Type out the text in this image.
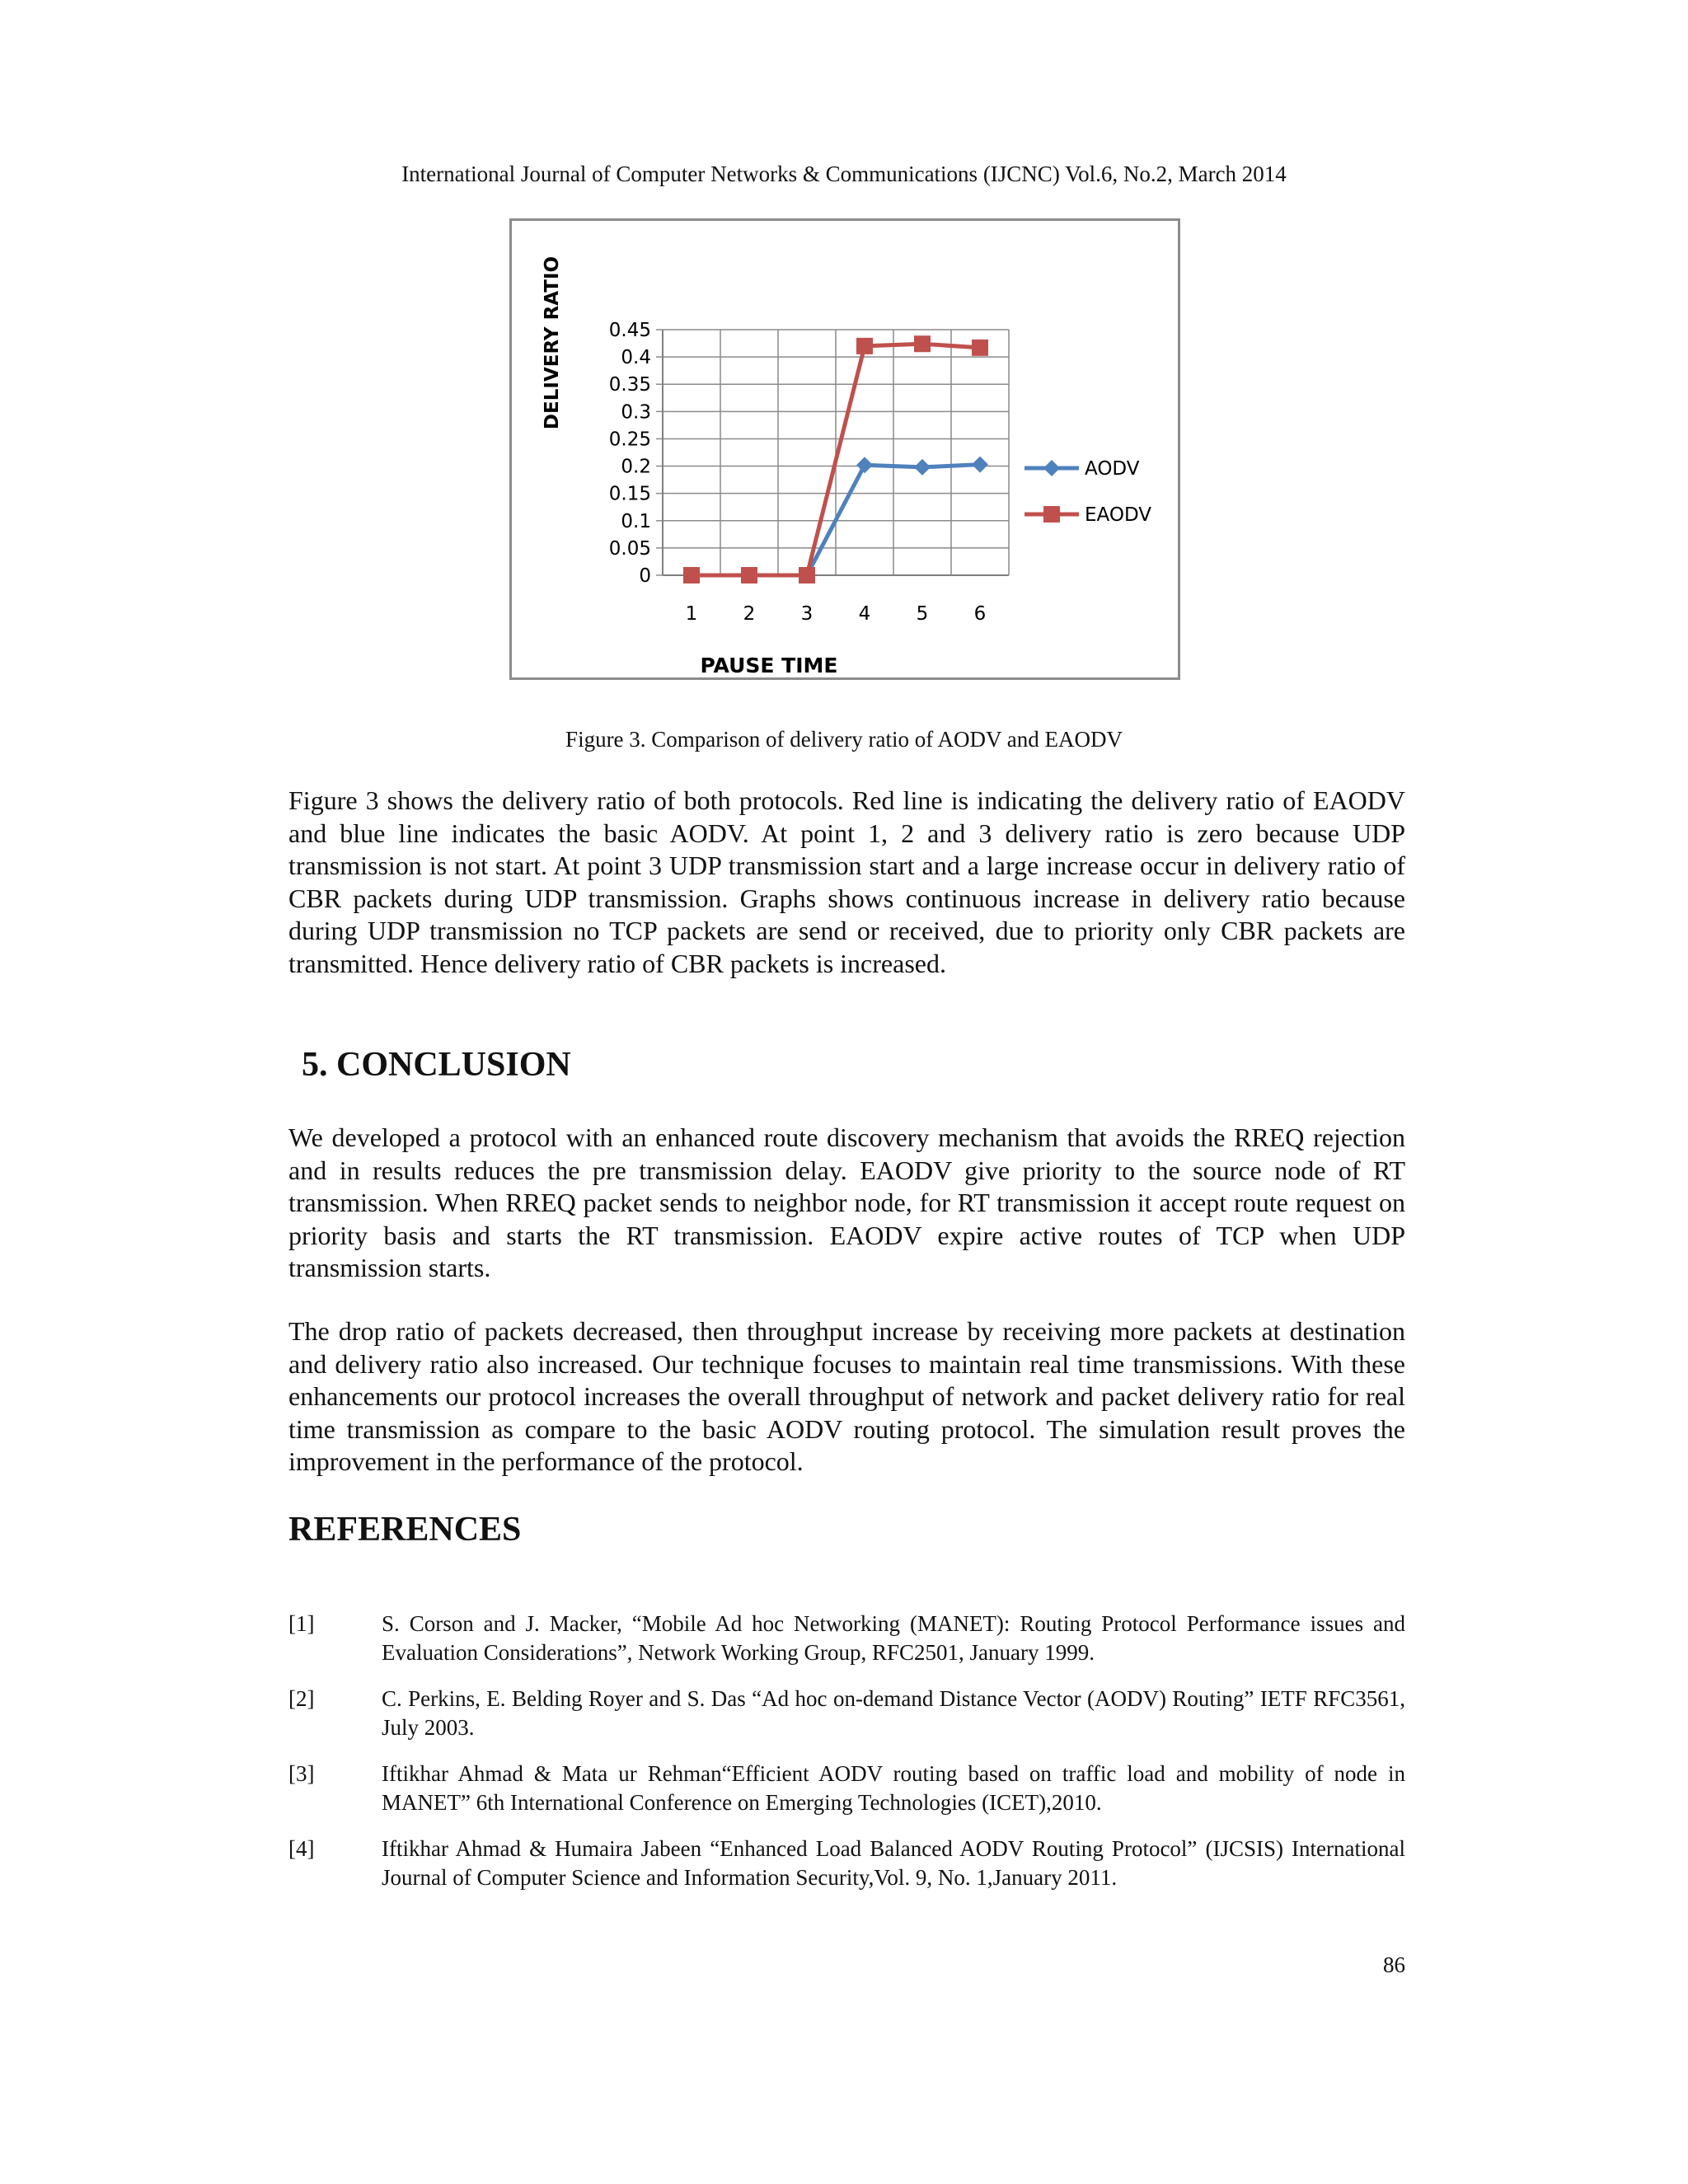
International Journal of Computer Networks & Communications (IJCNC) Vol.6, No.2, March 2014
0
0.05
0.1
0.15
0.2
0.25
0.3
0.35
0.4
0.45
1 2 3 4 5 6
AODV
EAODV
DELIVERY RATIO
PAUSE TIME
Figure 3. Comparison of delivery ratio of AODV and EAODV
Figure 3 shows the delivery ratio of both protocols. Red line is indicating the delivery ratio of EAODV and blue line indicates the basic AODV. At point 1, 2 and 3 delivery ratio is zero because UDP transmission is not start. At point 3 UDP transmission start and a large increase occur in delivery ratio of CBR packets during UDP transmission. Graphs shows continuous increase in delivery ratio because during UDP transmission no TCP packets are send or received, due to priority only CBR packets are transmitted. Hence delivery ratio of CBR packets is increased.
5. CONCLUSION
We developed a protocol with an enhanced route discovery mechanism that avoids the RREQ rejection and in results reduces the pre transmission delay. EAODV give priority to the source node of RT transmission. When RREQ packet sends to neighbor node, for RT transmission it accept route request on priority basis and starts the RT transmission. EAODV expire active routes of TCP when UDP transmission starts.
The drop ratio of packets decreased, then throughput increase by receiving more packets at destination and delivery ratio also increased. Our technique focuses to maintain real time transmissions. With these enhancements our protocol increases the overall throughput of network and packet delivery ratio for real time transmission as compare to the basic AODV routing protocol. The simulation result proves the improvement in the performance of the protocol.
REFERENCES
[1]	S. Corson and J. Macker, “Mobile Ad hoc Networking (MANET): Routing Protocol Performance issues and Evaluation Considerations”, Network Working Group, RFC2501, January 1999.
[2]	C. Perkins, E. Belding Royer and S. Das “Ad hoc on-demand Distance Vector (AODV) Routing” IETF RFC3561, July 2003.
[3]	Iftikhar Ahmad & Mata ur Rehman“Efficient AODV routing based on traffic load and mobility of node in MANET” 6th International Conference on Emerging Technologies (ICET),2010.
[4]	Iftikhar Ahmad & Humaira Jabeen “Enhanced Load Balanced AODV Routing Protocol” (IJCSIS) International Journal of Computer Science and Information Security,Vol. 9, No. 1,January 2011.
86
